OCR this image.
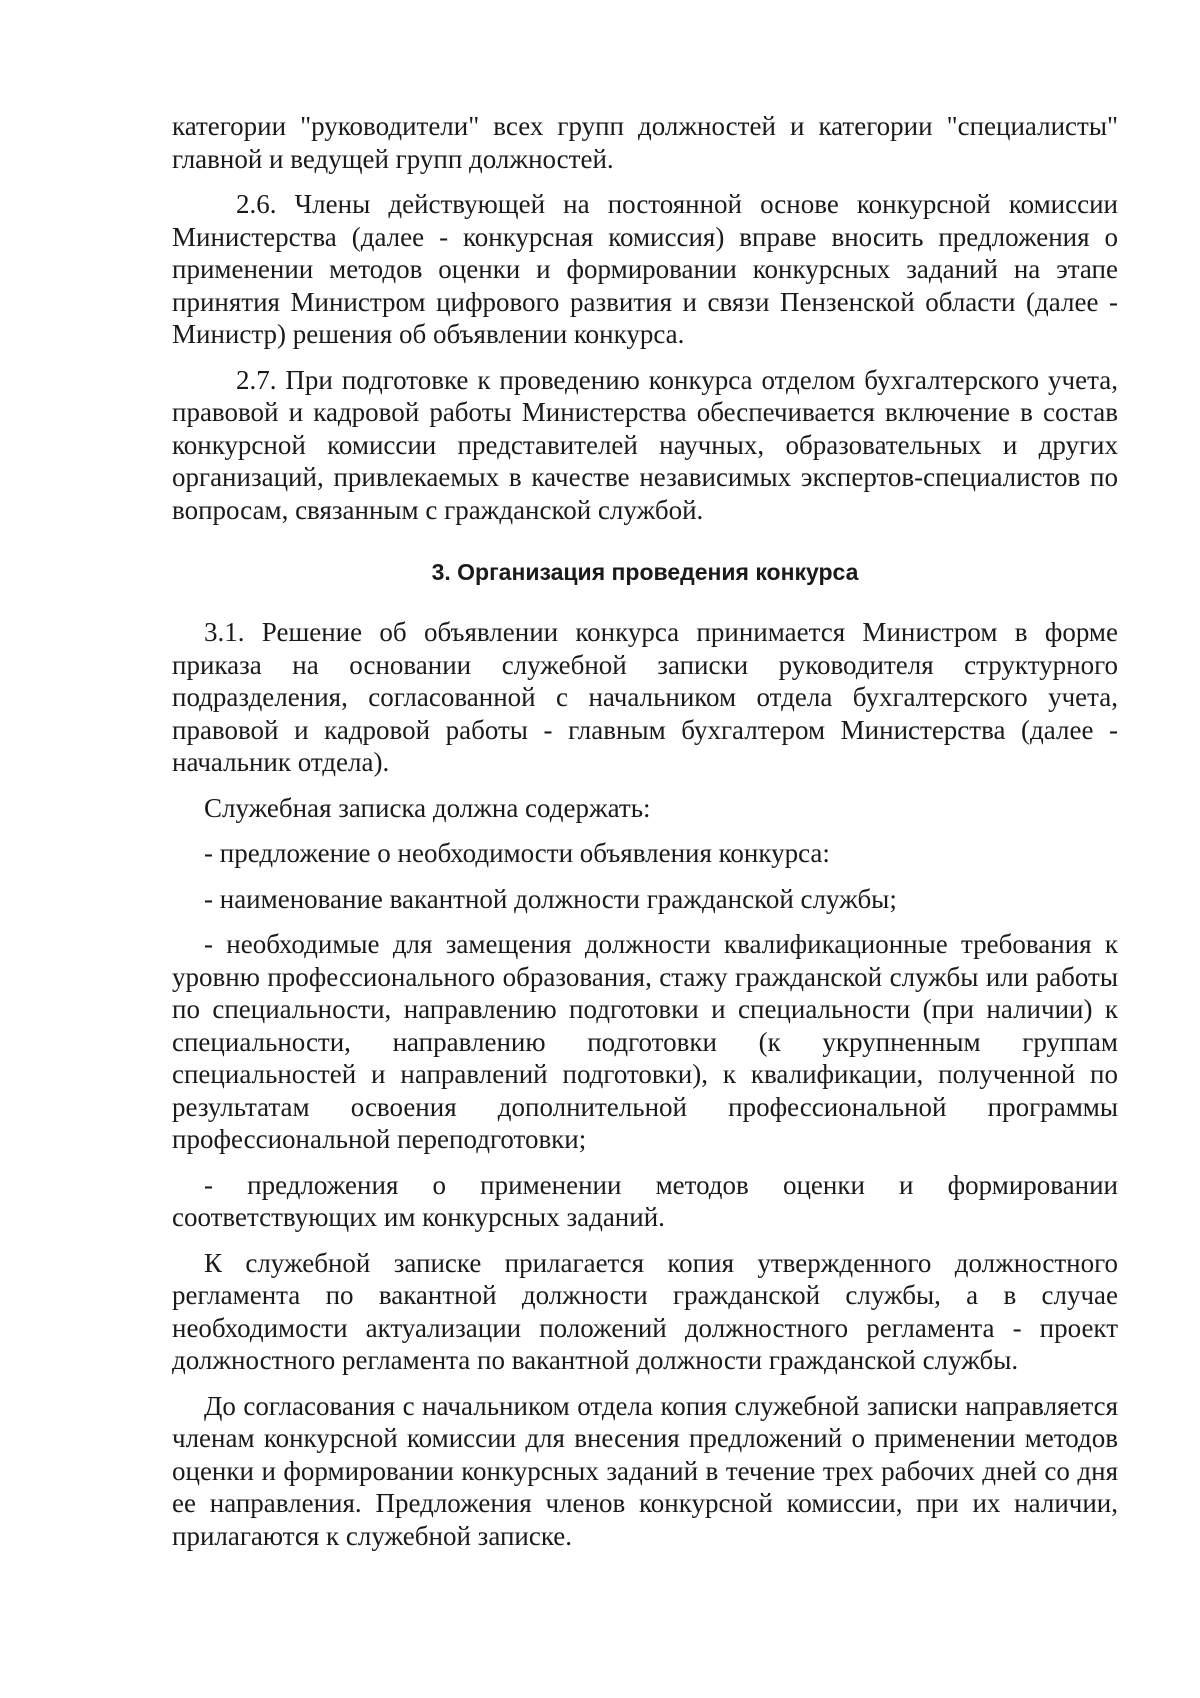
категории "руководители" всех групп должностей и категории "специалисты" главной и ведущей групп должностей.

2.6. Члены действующей на постоянной основе конкурсной комиссии Министерства (далее - конкурсная комиссия) вправе вносить предложения о применении методов оценки и формировании конкурсных заданий на этапе принятия Министром цифрового развития и связи Пензенской области (далее - Министр) решения об объявлении конкурса.

2.7. При подготовке к проведению конкурса отделом бухгалтерского учета, правовой и кадровой работы Министерства обеспечивается включение в состав конкурсной комиссии представителей научных, образовательных и других организаций, привлекаемых в качестве независимых экспертов-специалистов по вопросам, связанным с гражданской службой.

3. Организация проведения конкурса

3.1. Решение об объявлении конкурса принимается Министром в форме приказа на основании служебной записки руководителя структурного подразделения, согласованной с начальником отдела бухгалтерского учета, правовой и кадровой работы - главным бухгалтером Министерства (далее - начальник отдела).

Служебная записка должна содержать:

- предложение о необходимости объявления конкурса:

- наименование вакантной должности гражданской службы;

- необходимые для замещения должности квалификационные требования к уровню профессионального образования, стажу гражданской службы или работы по специальности, направлению подготовки и специальности (при наличии) к специальности, направлению подготовки (к укрупненным группам специальностей и направлений подготовки), к квалификации, полученной по результатам освоения дополнительной профессиональной программы профессиональной переподготовки;

- предложения о применении методов оценки и формировании соответствующих им конкурсных заданий.

К служебной записке прилагается копия утвержденного должностного регламента по вакантной должности гражданской службы, а в случае необходимости актуализации положений должностного регламента - проект должностного регламента по вакантной должности гражданской службы.

До согласования с начальником отдела копия служебной записки направляется членам конкурсной комиссии для внесения предложений о применении методов оценки и формировании конкурсных заданий в течение трех рабочих дней со дня ее направления. Предложения членов конкурсной комиссии, при их наличии, прилагаются к служебной записке.
